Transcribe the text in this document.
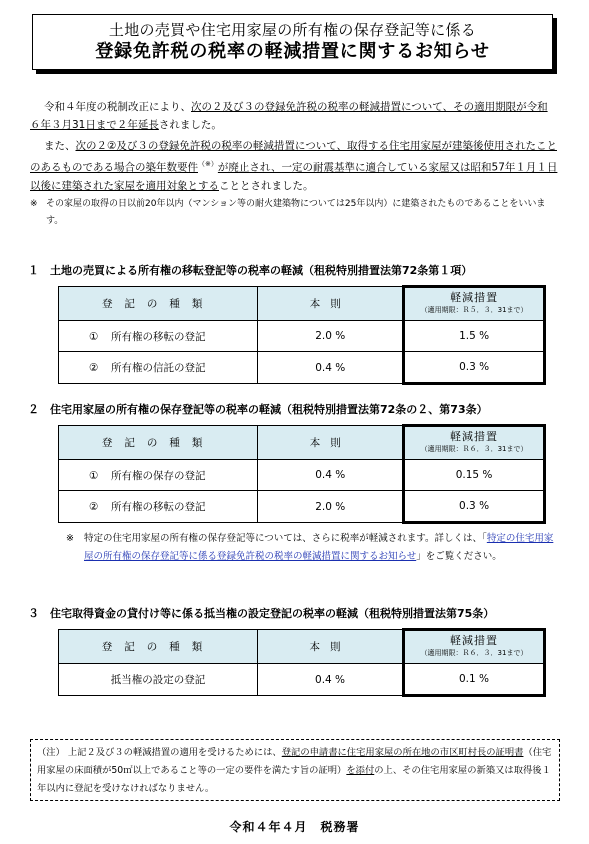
土地の売買や住宅用家屋の所有権の保存登記等に係る
登録免許税の税率の軽減措置に関するお知らせ
令和４年度の税制改正により、次の２及び３の登録免許税の税率の軽減措置について、その適用期限が令和６年３月31日まで２年延長されました。
また、次の２②及び３の登録免許税の税率の軽減措置について、取得する住宅用家屋が建築後使用されたことのあるものである場合の築年数要件（※）が廃止され、一定の耐震基準に適合している家屋又は昭和57年１月１日以後に建築された家屋を適用対象とすることとされました。
※ その家屋の取得の日以前20年以内（マンション等の耐火建築物については25年以内）に建築されたものであることをいいます。
１ 土地の売買による所有権の移転登記等の税率の軽減（租税特別措置法第72条第１項）
登記の種類	本則	軽減措置
（適用期限：Ｒ５．３．31まで）

① 所有権の移転の登記	2.0 %	1.5 %
② 所有権の信託の登記	0.4 %	0.3 %
２ 住宅用家屋の所有権の保存登記等の税率の軽減（租税特別措置法第72条の２、第73条）
登記の種類	本則	軽減措置
（適用期限：Ｒ６．３．31まで）

① 所有権の保存の登記	0.4 %	0.15 %
② 所有権の移転の登記	2.0 %	0.3 %
※ 特定の住宅用家屋の所有権の保存登記等については、さらに税率が軽減されます。詳しくは、「特定の住宅用家屋の所有権の保存登記等に係る登録免許税の税率の軽減措置に関するお知らせ」をご覧ください。
３ 住宅取得資金の貸付け等に係る抵当権の設定登記の税率の軽減（租税特別措置法第75条）
登記の種類	本則	軽減措置
（適用期限：Ｒ６．３．31まで）

抵当権の設定の登記	0.4 %	0.1 %
（注） 上記２及び３の軽減措置の適用を受けるためには、登記の申請書に住宅用家屋の所在地の市区町村長の証明書（住宅用家屋の床面積が50㎡以上であること等の一定の要件を満たす旨の証明）を添付の上、その住宅用家屋の新築又は取得後１年以内に登記を受けなければなりません。
令和４年４月　税務署
